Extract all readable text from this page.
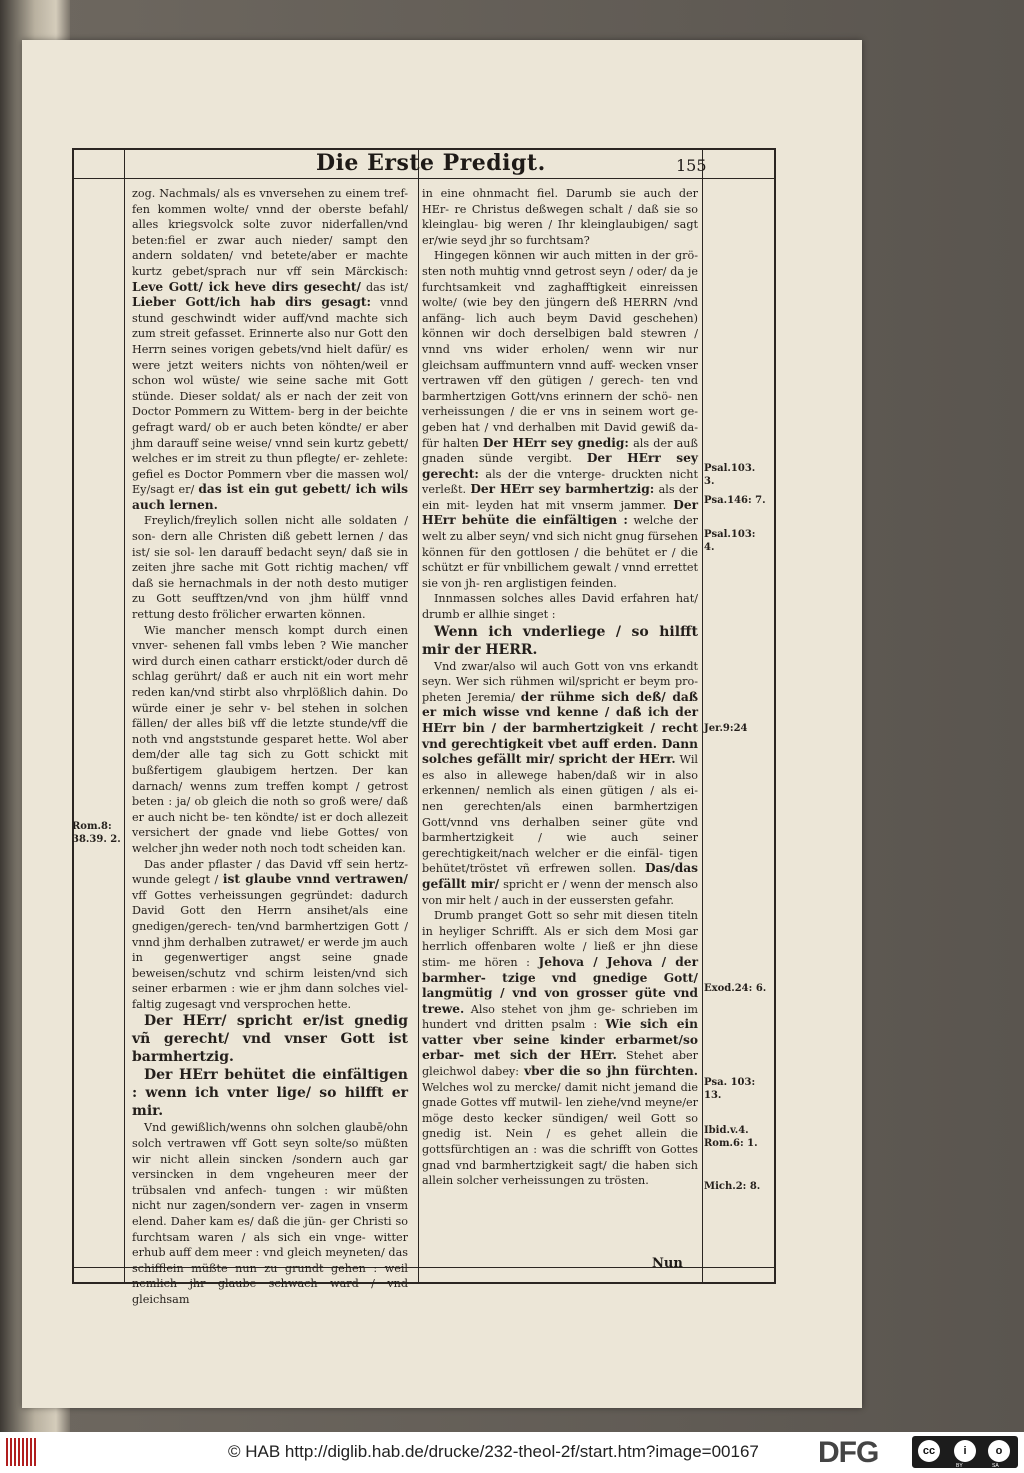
Die Erste Predigt.	155
Nun

zog. Nachmals/ als es vnversehen zu einem tref- fen kommen wolte/ vnnd der oberste befahl/ alles kriegsvolck solte zuvor niderfallen/vnd beten:fiel er zwar auch nieder/ sampt den andern soldaten/ vnd betete/aber er machte kurtz gebet/sprach nur vff sein Märckisch: Leve Gott/ ick heve dirs gesecht/ das ist/ Lieber Gott/ich hab dirs gesagt: vnnd stund geschwindt wider auff/vnd machte sich zum streit gefasset. Erinnerte also nur Gott den Herrn seines vorigen gebets/vnd hielt dafür/ es were jetzt weiters nichts von nöhten/weil er schon wol wüste/ wie seine sache mit Gott stünde. Dieser soldat/ als er nach der zeit von Doctor Pommern zu Wittem- berg in der beichte gefragt ward/ ob er auch beten köndte/ er aber jhm darauff seine weise/ vnnd sein kurtz gebett/ welches er im streit zu thun pflegte/ er- zehlete: gefiel es Doctor Pommern vber die massen wol/ Ey/sagt er/ das ist ein gut gebett/ ich wils auch lernen.

Freylich/freylich sollen nicht alle soldaten / son- dern alle Christen diß gebett lernen / das ist/ sie sol- len darauff bedacht seyn/ daß sie in zeiten jhre sache mit Gott richtig machen/ vff daß sie hernachmals in der noth desto mutiger zu Gott seufftzen/vnd von jhm hülff vnnd rettung desto frölicher erwarten können.

Wie mancher mensch kompt durch einen vnver- sehenen fall vmbs leben ? Wie mancher wird durch einen catharr erstickt/oder durch dē schlag gerührt/ daß er auch nit ein wort mehr reden kan/vnd stirbt also vhrplößlich dahin. Do würde einer je sehr v- bel stehen in solchen fällen/ der alles biß vff die letzte stunde/vff die noth vnd angststunde gesparet hette. Wol aber dem/der alle tag sich zu Gott schickt mit bußfertigem glaubigem hertzen. Der kan darnach/ wenns zum treffen kompt / getrost beten : ja/ ob gleich die noth so groß were/ daß er auch nicht be- ten köndte/ ist er doch allezeit versichert der gnade vnd liebe Gottes/ von welcher jhn weder noth noch todt scheiden kan.

Das ander pflaster / das David vff sein hertz- wunde gelegt / ist glaube vnnd vertrawen/ vff Gottes verheissungen gegründet: dadurch David Gott den Herrn ansihet/als eine gnedigen/gerech- ten/vnd barmhertzigen Gott / vnnd jhm derhalben zutrawet/ er werde jm auch in gegenwertiger angst seine gnade beweisen/schutz vnd schirm leisten/vnd sich seiner erbarmen : wie er jhm dann solches viel- faltig zugesagt vnd versprochen hette.

Der HErr/ spricht er/ist gnedig vñ gerecht/ vnd vnser Gott ist barmhertzig.

Der HErr behütet die einfältigen : wenn ich vnter lige/ so hilfft er mir.

Vnd gewißlich/wenns ohn solchen glaubē/ohn solch vertrawen vff Gott seyn solte/so müßten wir nicht allein sincken /sondern auch gar versincken in dem vngeheuren meer der trübsalen vnd anfech- tungen : wir müßten nicht nur zagen/sondern ver- zagen in vnserm elend. Daher kam es/ daß die jün- ger Christi so furchtsam waren / als sich ein vnge- witter erhub auff dem meer : vnd gleich meyneten/ das schifflein müßte nun zu grundt gehen : weil nemlich jhr glaube schwach ward / vnd gleichsam

in eine ohnmacht fiel. Darumb sie auch der HEr- re Christus deßwegen schalt / daß sie so kleinglau- big weren / Ihr kleinglaubigen/ sagt er/wie seyd jhr so furchtsam?

Hingegen können wir auch mitten in der grö- sten noth muhtig vnnd getrost seyn / oder/ da je furchtsamkeit vnd zaghafftigkeit einreissen wolte/ (wie bey den jüngern deß HERRN /vnd anfäng- lich auch beym David geschehen) können wir doch derselbigen bald stewren / vnnd vns wider erholen/ wenn wir nur gleichsam auffmuntern vnnd auff- wecken vnser vertrawen vff den gütigen / gerech- ten vnd barmhertzigen Gott/vns erinnern der schö- nen verheissungen / die er vns in seinem wort ge- geben hat / vnd derhalben mit David gewiß da- für halten Der HErr sey gnedig: als der auß gnaden sünde vergibt. Der HErr sey gerecht: als der die vnterge- druckten nicht verleßt. Der HErr sey barmhertzig: als der ein mit- leyden hat mit vnserm jammer. Der HErr behüte die einfältigen : welche der welt zu alber seyn/ vnd sich nicht gnug fürsehen können für den gottlosen / die behütet er / die schützt er für vnbillichem gewalt / vnnd errettet sie von jh- ren arglistigen feinden.

Innmassen solches alles David erfahren hat/ drumb er allhie singet :

Wenn ich vnderliege / so hilfft mir der HERR.

Vnd zwar/also wil auch Gott von vns erkandt seyn. Wer sich rühmen wil/spricht er beym pro- pheten Jeremia/ der rühme sich deß/ daß er mich wisse vnd kenne / daß ich der HErr bin / der barmhertzigkeit / recht vnd gerechtigkeit vbet auff erden. Dann solches gefällt mir/ spricht der HErr. Wil es also in allewege haben/daß wir in also erkennen/ nemlich als einen gütigen / als ei- nen gerechten/als einen barmhertzigen Gott/vnnd vns derhalben seiner güte vnd barmhertzigkeit / wie auch seiner gerechtigkeit/nach welcher er die einfäl- tigen behütet/tröstet vñ erfrewen sollen. Das/das gefällt mir/ spricht er / wenn der mensch also von mir helt / auch in der eussersten gefahr.

Drumb pranget Gott so sehr mit diesen titeln in heyliger Schrifft. Als er sich dem Mosi gar herrlich offenbaren wolte / ließ er jhn diese stim- me hören : Jehova / Jehova / der barmher- tzige vnd gnedige Gott/ langmütig / vnd von grosser güte vnd trewe. Also stehet von jhm ge- schrieben im hundert vnd dritten psalm : Wie sich ein vatter vber seine kinder erbarmet/so erbar- met sich der HErr. Stehet aber gleichwol dabey: vber die so jhn fürchten. Welches wol zu mercke/ damit nicht jemand die gnade Gottes vff mutwil- len ziehe/vnd meyne/er möge desto kecker sündigen/ weil Gott so gnedig ist. Nein / es gehet allein die gottsfürchtigen an : was die schrifft von Gottes gnad vnd barmhertzigkeit sagt/ die haben sich allein solcher verheissungen zu trösten.

Rom.8: 38.39. 2.
Psal.103. 3.
Psa.146: 7.
Psal.103: 4.
Jer.9:24
Exod.24: 6.
Psa. 103: 13.
Ibid.v.4. Rom.6: 1.
Mich.2: 8.
© HAB http://diglib.hab.de/drucke/232-theol-2f/start.htm?image=00167 DFG	cc	i	o
BY	SA
